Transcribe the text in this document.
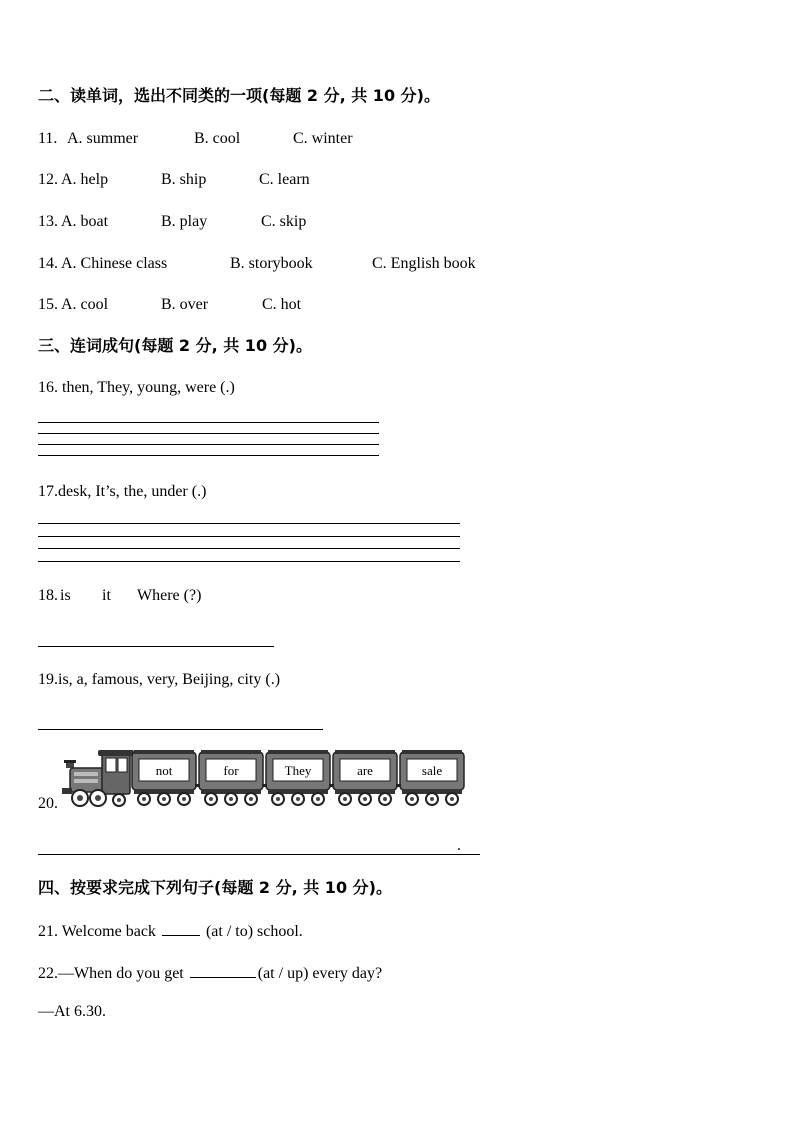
二、读单词，选出不同类的一项(每题 2 分, 共 10 分)。
11. A. summer	B. cool	C. winter
12. A. help	B. ship	C. learn
13. A. boat	B. play	C. skip
14. A. Chinese class	B. storybook	C. English book
15. A. cool	B. over	C. hot
三、连词成句(每题 2 分, 共 10 分)。
16. then, They, young, were (.)
17.desk, It’s, the, under (.)
18. is it Where (?)
19.is, a, famous, very, Beijing, city (.)
20.
not	for	They	are	sale
.
四、按要求完成下列句子(每题 2 分, 共 10 分)。
21. Welcome back	(at / to) school.
22.—When do you get	(at / up) every day?
—At 6.30.
